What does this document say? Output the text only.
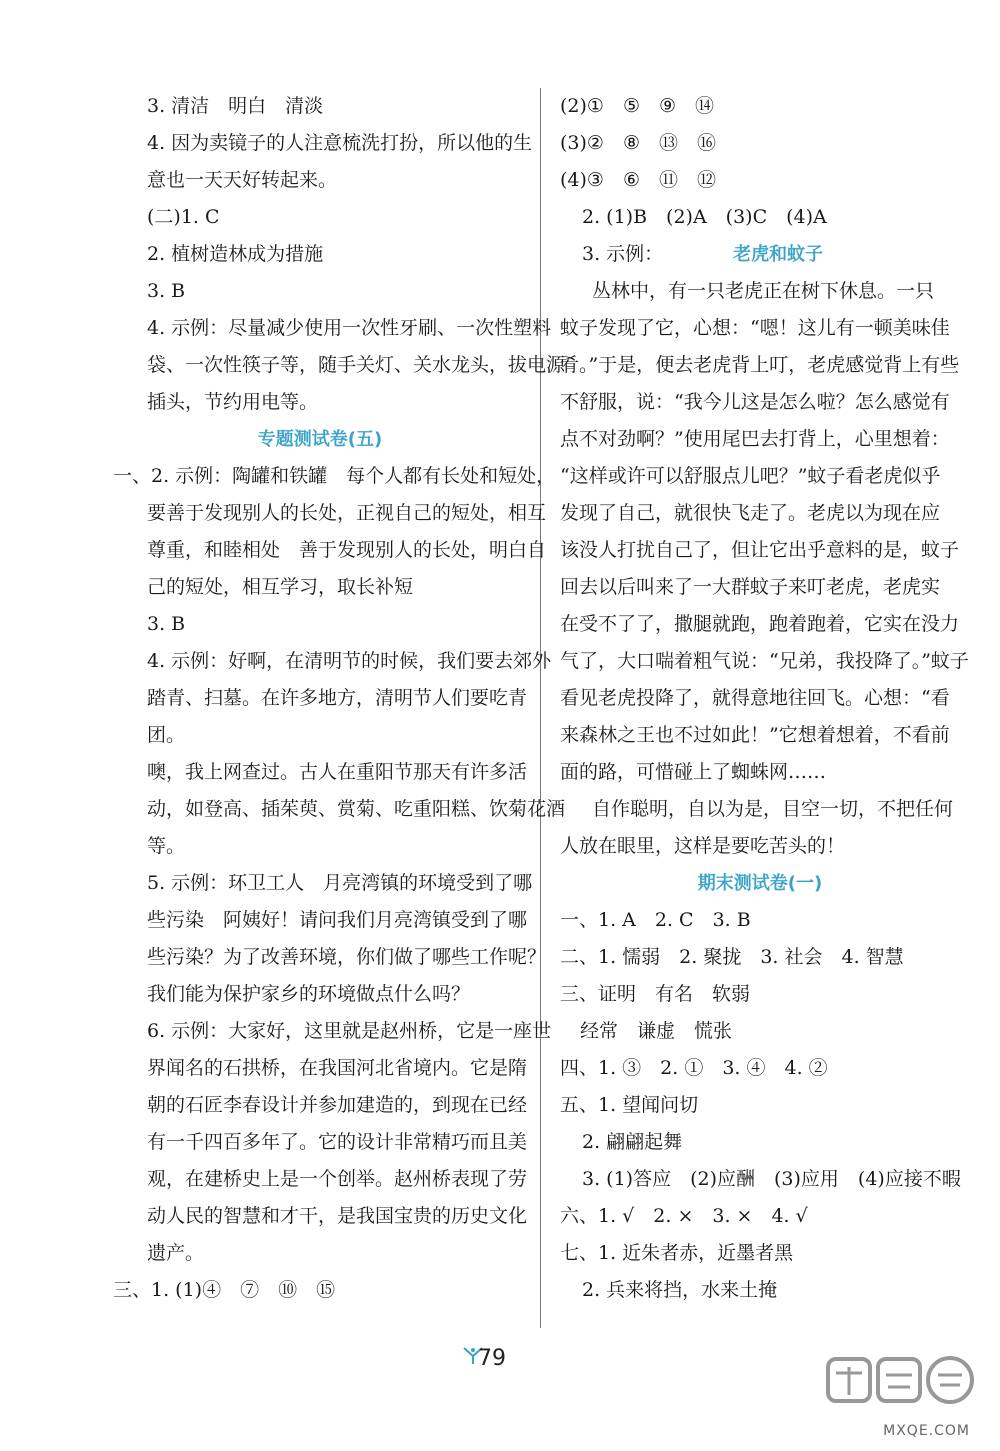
3. 清洁　明白　清淡
4. 因为卖镜子的人注意梳洗打扮，所以他的生
意也一天天好转起来。
(二)1. C
2. 植树造林成为措施
3. B
4. 示例：尽量减少使用一次性牙刷、一次性塑料
袋、一次性筷子等，随手关灯、关水龙头，拔电源
插头，节约用电等。
专题测试卷(五)
一、2. 示例：陶罐和铁罐　每个人都有长处和短处，
要善于发现别人的长处，正视自己的短处，相互
尊重，和睦相处　善于发现别人的长处，明白自
己的短处，相互学习，取长补短
3. B
4. 示例：好啊，在清明节的时候，我们要去郊外
踏青、扫墓。在许多地方，清明节人们要吃青
团。
噢，我上网查过。古人在重阳节那天有许多活
动，如登高、插茱萸、赏菊、吃重阳糕、饮菊花酒
等。
5. 示例：环卫工人　月亮湾镇的环境受到了哪
些污染　阿姨好！请问我们月亮湾镇受到了哪
些污染？为了改善环境，你们做了哪些工作呢？
我们能为保护家乡的环境做点什么吗？
6. 示例：大家好，这里就是赵州桥，它是一座世
界闻名的石拱桥，在我国河北省境内。它是隋
朝的石匠李春设计并参加建造的，到现在已经
有一千四百多年了。它的设计非常精巧而且美
观，在建桥史上是一个创举。赵州桥表现了劳
动人民的智慧和才干，是我国宝贵的历史文化
遗产。
三、1. (1)④　⑦　⑩　⑮
(2)①　⑤　⑨　⑭
(3)②　⑧　⑬　⑯
(4)③　⑥　⑪　⑫
2. (1)B　(2)A　(3)C　(4)A
3. 示例：	老虎和蚊子
丛林中，有一只老虎正在树下休息。一只
蚊子发现了它，心想：“嗯！这儿有一顿美味佳
肴。”于是，便去老虎背上叮，老虎感觉背上有些
不舒服，说：“我今儿这是怎么啦？怎么感觉有
点不对劲啊？”使用尾巴去打背上，心里想着：
“这样或许可以舒服点儿吧？”蚊子看老虎似乎
发现了自己，就很快飞走了。老虎以为现在应
该没人打扰自己了，但让它出乎意料的是，蚊子
回去以后叫来了一大群蚊子来叮老虎，老虎实
在受不了了，撒腿就跑，跑着跑着，它实在没力
气了，大口喘着粗气说：“兄弟，我投降了。”蚊子
看见老虎投降了，就得意地往回飞。心想：“看
来森林之王也不过如此！”它想着想着，不看前
面的路，可惜碰上了蜘蛛网……
自作聪明，自以为是，目空一切，不把任何
人放在眼里，这样是要吃苦头的！
期末测试卷(一)
一、1. A　2. C　3. B
二、1. 懦弱　2. 聚拢　3. 社会　4. 智慧
三、证明　有名　软弱
经常　谦虚　慌张
四、1. ③　2. ①　3. ④　4. ②
五、1. 望闻问切
2. 翩翩起舞
3. (1)答应　(2)应酬　(3)应用　(4)应接不暇
六、1. √　2. ×　3. ×　4. √
七、1. 近朱者赤，近墨者黑
2. 兵来将挡，水来土掩
79
MXQE.COM
